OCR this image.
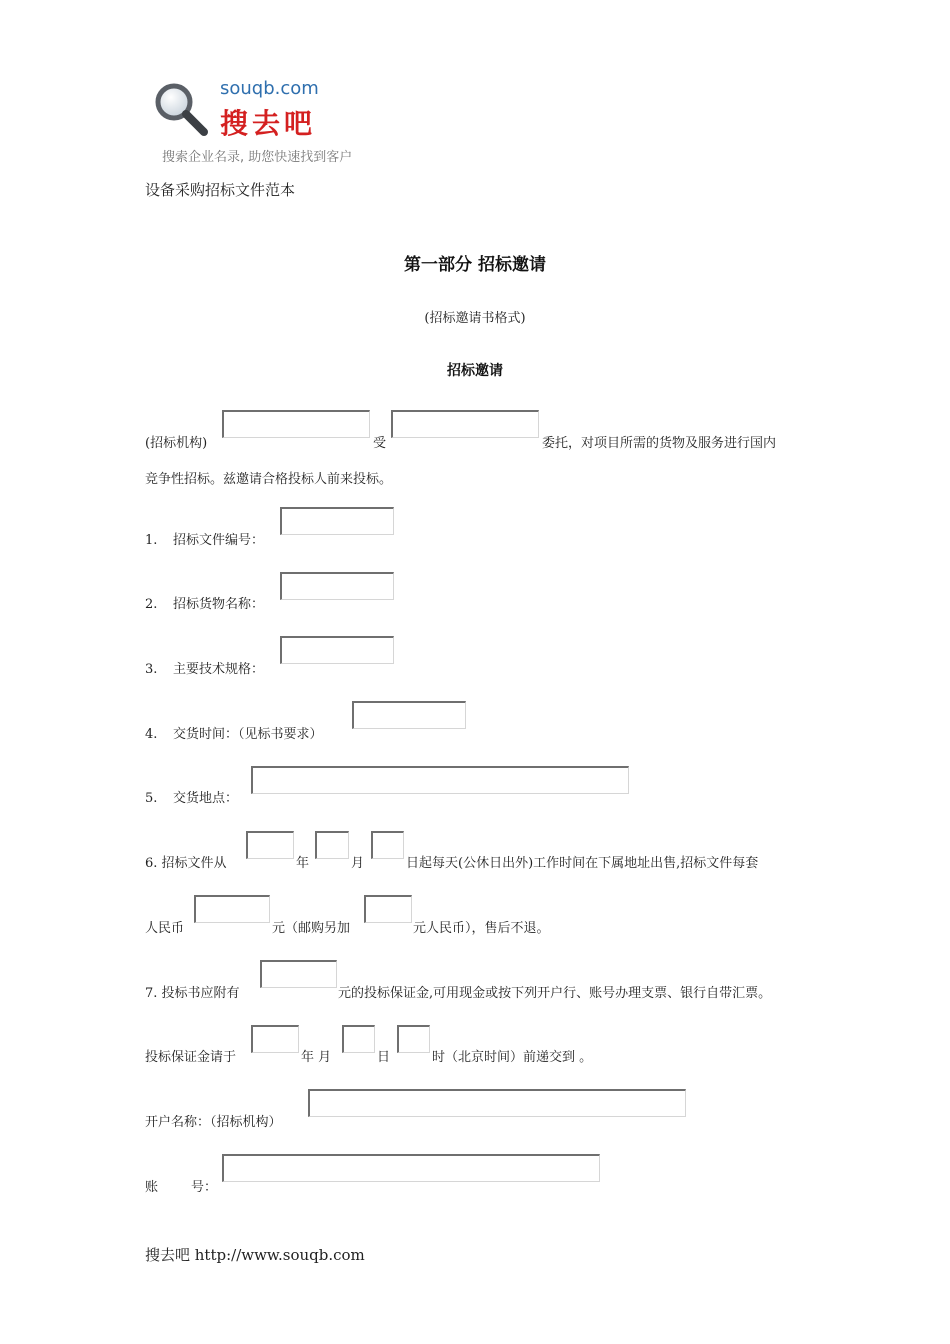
souqb.com
搜去吧
搜索企业名录, 助您快速找到客户
设备采购招标文件范本
第一部分 招标邀请
(招标邀请书格式)
招标邀请
(招标机构)	受	委托，对项目所需的货物及服务进行国内
竞争性招标。兹邀请合格投标人前来投标。
1. 招标文件编号：
2. 招标货物名称：
3. 主要技术规格：
4. 交货时间：（见标书要求）
5. 交货地点：
6. 招标文件从	年	月	日起每天(公休日出外)工作时间在下属地址出售,招标文件每套
人民币	元（邮购另加	元人民币），售后不退。
7. 投标书应附有	元的投标保证金,可用现金或按下列开户行、账号办理支票、银行自带汇票。
投标保证金请于	年 月	日	时（北京时间）前递交到 。
开户名称：（招标机构）
账        号：
搜去吧 http://www.souqb.com
